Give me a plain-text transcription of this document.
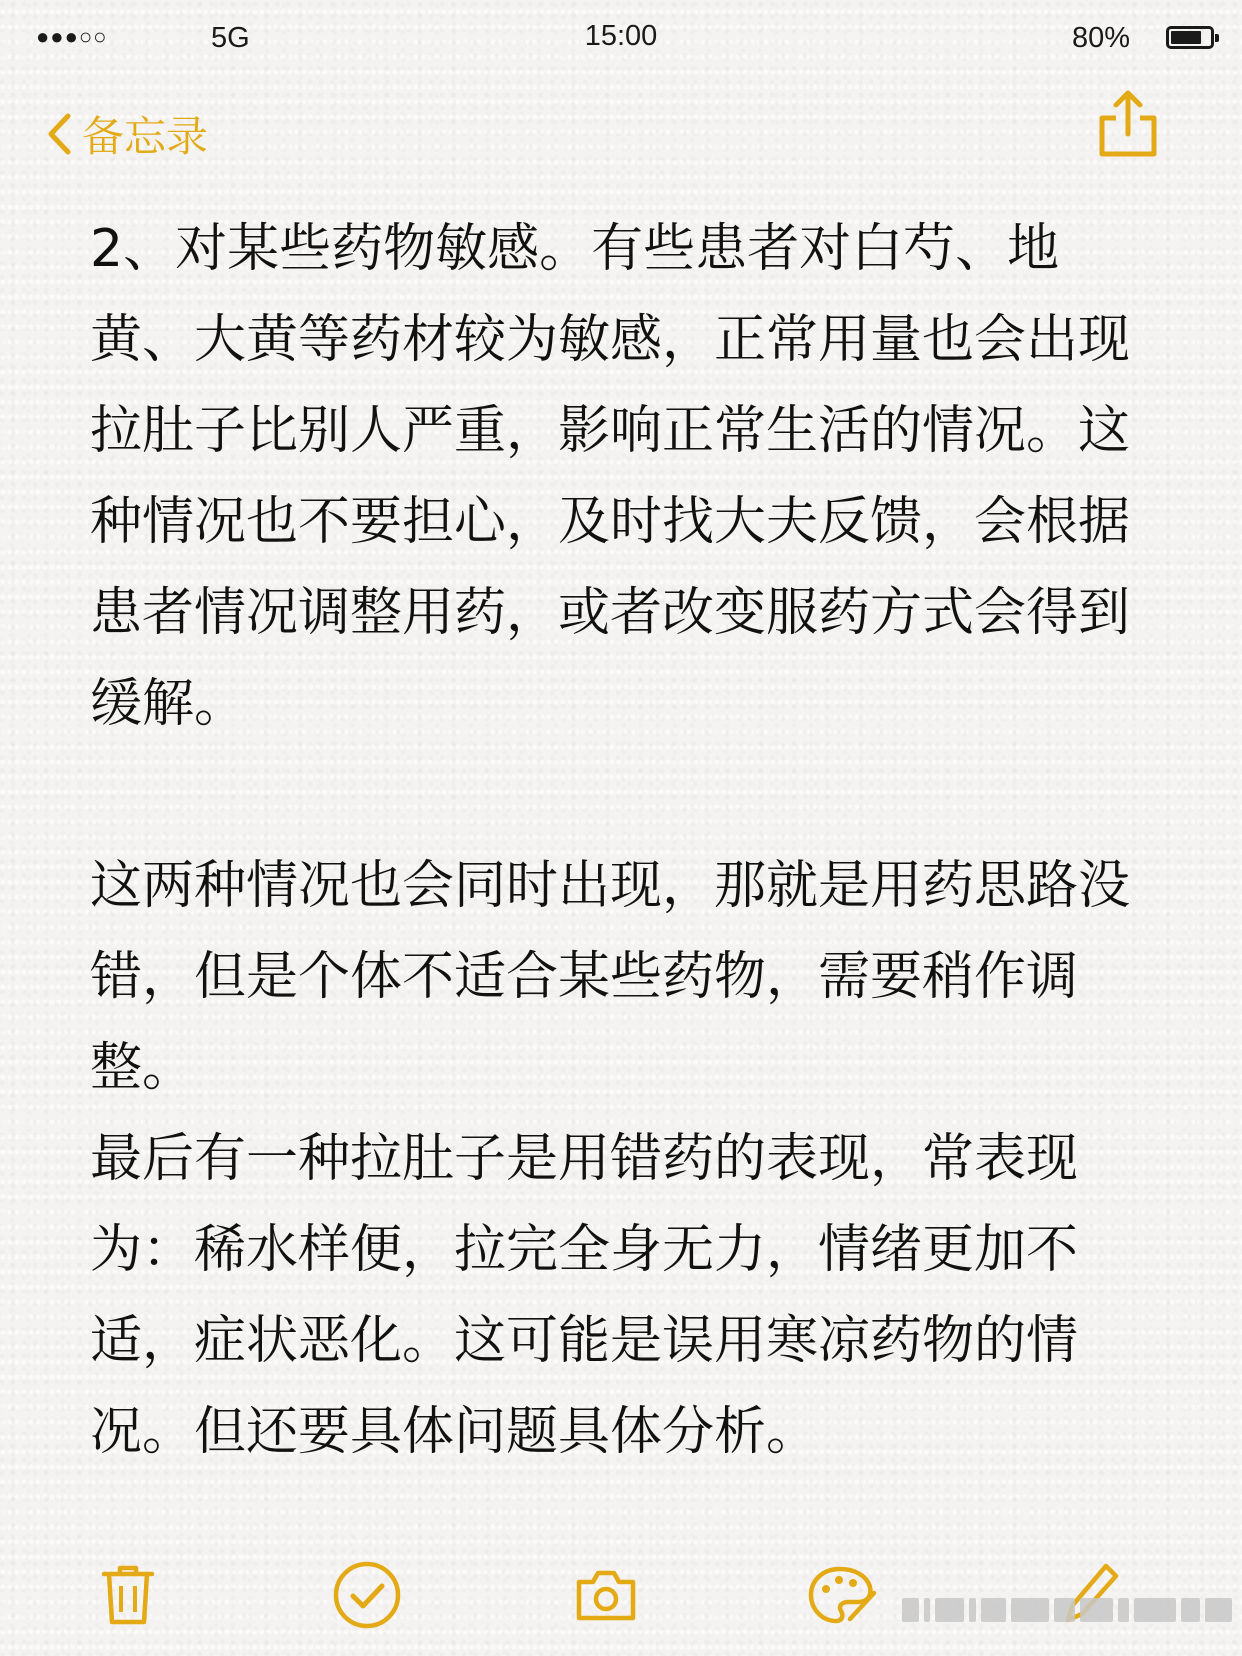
●●●○○	5G	15:00	80%
备忘录

2、对某些药物敏感。有些患者对白芍、地黄、大黄等药材较为敏感，正常用量也会出现拉肚子比别人严重，影响正常生活的情况。这种情况也不要担心，及时找大夫反馈，会根据患者情况调整用药，或者改变服药方式会得到缓解。

这两种情况也会同时出现，那就是用药思路没错，但是个体不适合某些药物，需要稍作调整。

最后有一种拉肚子是用错药的表现，常表现为：稀水样便，拉完全身无力，情绪更加不适，症状恶化。这可能是误用寒凉药物的情况。但还要具体问题具体分析。
